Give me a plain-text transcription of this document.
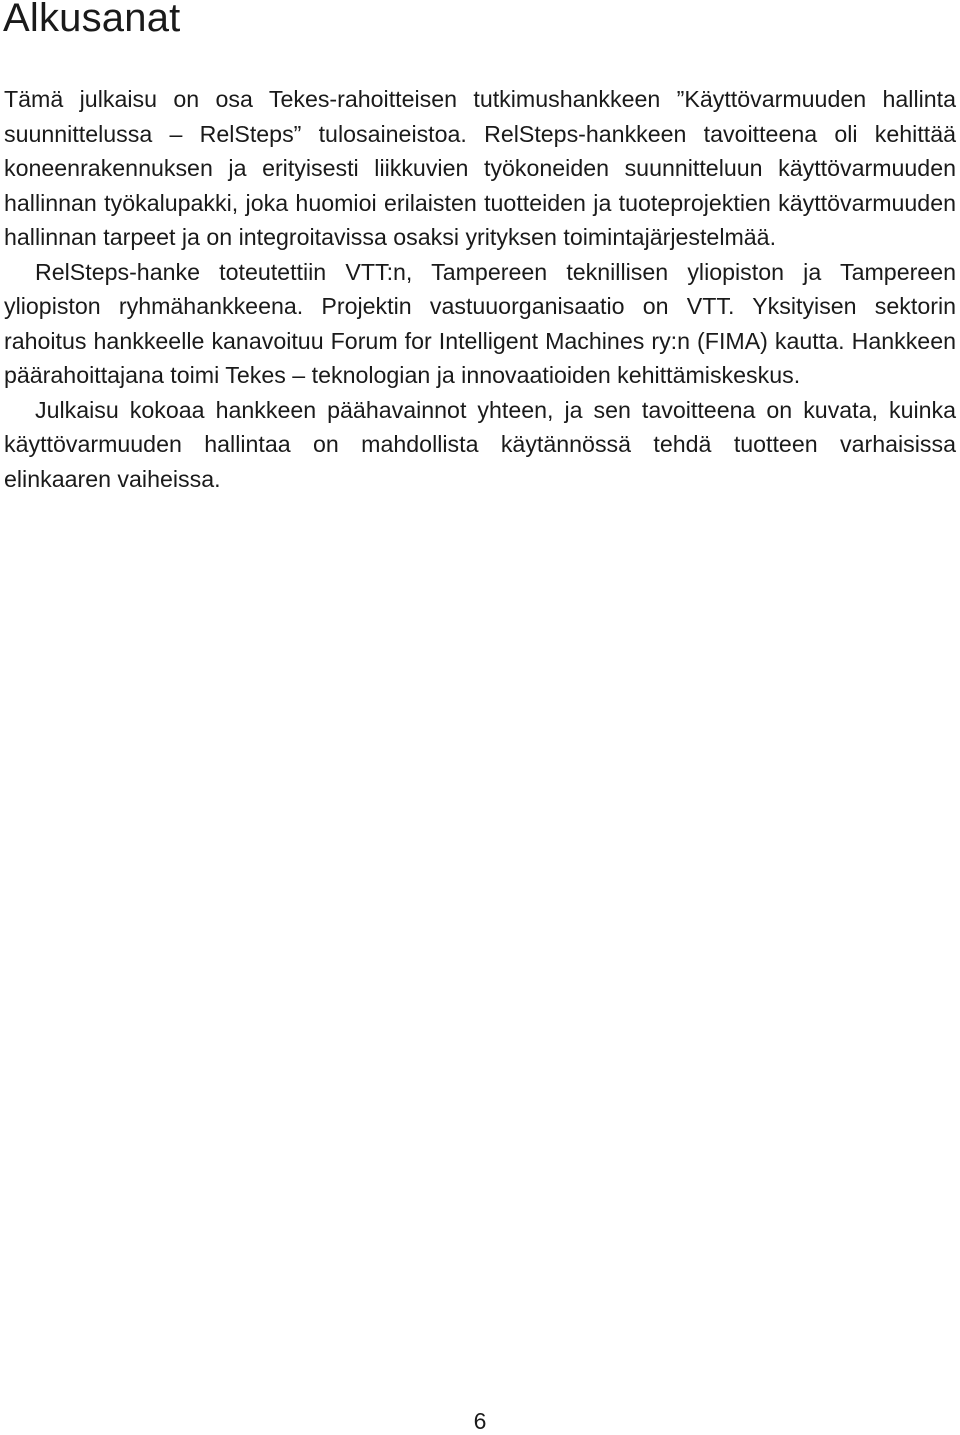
Alkusanat

Tämä julkaisu on osa Tekes-rahoitteisen tutkimushankkeen ”Käyttövarmuuden hallinta suunnittelussa – RelSteps” tulosaineistoa. RelSteps-hankkeen tavoitteena oli kehittää koneenrakennuksen ja erityisesti liikkuvien työkoneiden suunnitteluun käyttövarmuuden hallinnan työkalupakki, joka huomioi erilaisten tuotteiden ja tuoteprojektien käyttövarmuuden hallinnan tarpeet ja on integroitavissa osaksi yrityksen toimintajärjestelmää.

RelSteps-hanke toteutettiin VTT:n, Tampereen teknillisen yliopiston ja Tampereen yliopiston ryhmähankkeena. Projektin vastuuorganisaatio on VTT. Yksityisen sektorin rahoitus hankkeelle kanavoituu Forum for Intelligent Machines ry:n (FIMA) kautta. Hankkeen päärahoittajana toimi Tekes – teknologian ja innovaatioiden kehittämiskeskus.

Julkaisu kokoaa hankkeen päähavainnot yhteen, ja sen tavoitteena on kuvata, kuinka käyttövarmuuden hallintaa on mahdollista käytännössä tehdä tuotteen varhaisissa elinkaaren vaiheissa.

6
